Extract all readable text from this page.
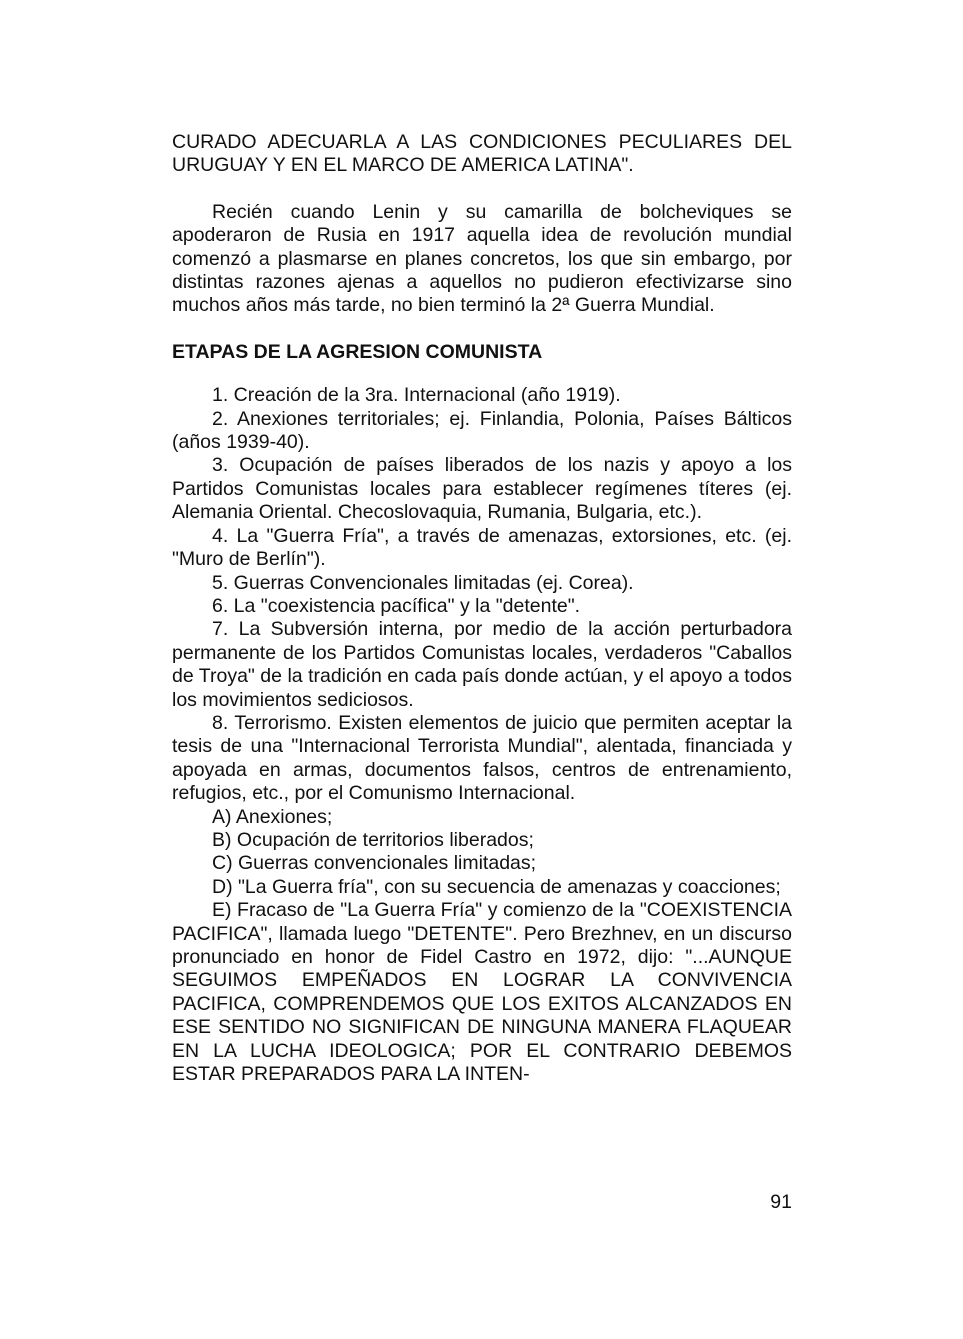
CURADO ADECUARLA A LAS CONDICIONES PECULIARES DEL URUGUAY Y EN EL MARCO DE AMERICA LATINA".

Recién cuando Lenin y su camarilla de bolcheviques se apoderaron de Rusia en 1917 aquella idea de revolución mundial comenzó a plasmarse en planes concretos, los que sin embargo, por distintas razones ajenas a aquellos no pudieron efectivizarse sino muchos años más tarde, no bien terminó la 2ª Guerra Mundial.

ETAPAS DE LA AGRESION COMUNISTA

1. Creación de la 3ra. Internacional (año 1919).

2. Anexiones territoriales; ej. Finlandia, Polonia, Países Bálticos (años 1939-40).

3. Ocupación de países liberados de los nazis y apoyo a los Partidos Comunistas locales para establecer regímenes títeres (ej. Alemania Oriental. Checoslovaquia, Rumania, Bulgaria, etc.).

4. La "Guerra Fría", a través de amenazas, extorsiones, etc. (ej. "Muro de Berlín").

5. Guerras Convencionales limitadas (ej. Corea).

6. La "coexistencia pacífica" y la "detente".

7. La Subversión interna, por medio de la acción perturbadora permanente de los Partidos Comunistas locales, verdaderos "Caballos de Troya" de la tradición en cada país donde actúan, y el apoyo a todos los movimientos sediciosos.

8. Terrorismo. Existen elementos de juicio que permiten aceptar la tesis de una "Internacional Terrorista Mundial", alentada, financiada y apoyada en armas, documentos falsos, centros de entrenamiento, refugios, etc., por el Comunismo Internacional.

A) Anexiones;

B) Ocupación de territorios liberados;

C) Guerras convencionales limitadas;

D) "La Guerra fría", con su secuencia de amenazas y coacciones;

E) Fracaso de "La Guerra Fría" y comienzo de la "COEXISTENCIA PACIFICA", llamada luego "DETENTE". Pero Brezhnev, en un discurso pronunciado en honor de Fidel Castro en 1972, dijo: "...AUNQUE SEGUIMOS EMPEÑADOS EN LOGRAR LA CONVIVENCIA PACIFICA, COMPRENDEMOS QUE LOS EXITOS ALCANZADOS EN ESE SENTIDO NO SIGNIFICAN DE NINGUNA MANERA FLAQUEAR EN LA LUCHA IDEOLOGICA; POR EL CONTRARIO DEBEMOS ESTAR PREPARADOS PARA LA INTEN-

91
